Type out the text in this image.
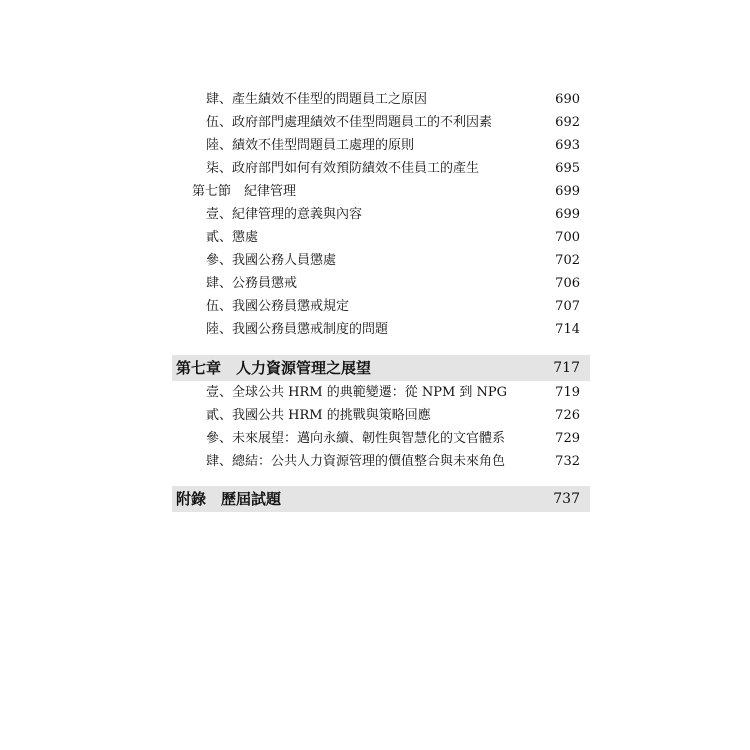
肆、產生績效不佳型的問題員工之原因	690
伍、政府部門處理績效不佳型問題員工的不利因素	692
陸、績效不佳型問題員工處理的原則	693
柒、政府部門如何有效預防績效不佳員工的產生	695
第七節　紀律管理	699
壹、紀律管理的意義與內容	699
貳、懲處	700
參、我國公務人員懲處	702
肆、公務員懲戒	706
伍、我國公務員懲戒規定	707
陸、我國公務員懲戒制度的問題	714
第七章　人力資源管理之展望	717
壹、全球公共 HRM 的典範變遷：從 NPM 到 NPG	719
貳、我國公共 HRM 的挑戰與策略回應	726
參、未來展望：邁向永續、韌性與智慧化的文官體系	729
肆、總結：公共人力資源管理的價值整合與未來角色	732
附錄　歷屆試題	737
